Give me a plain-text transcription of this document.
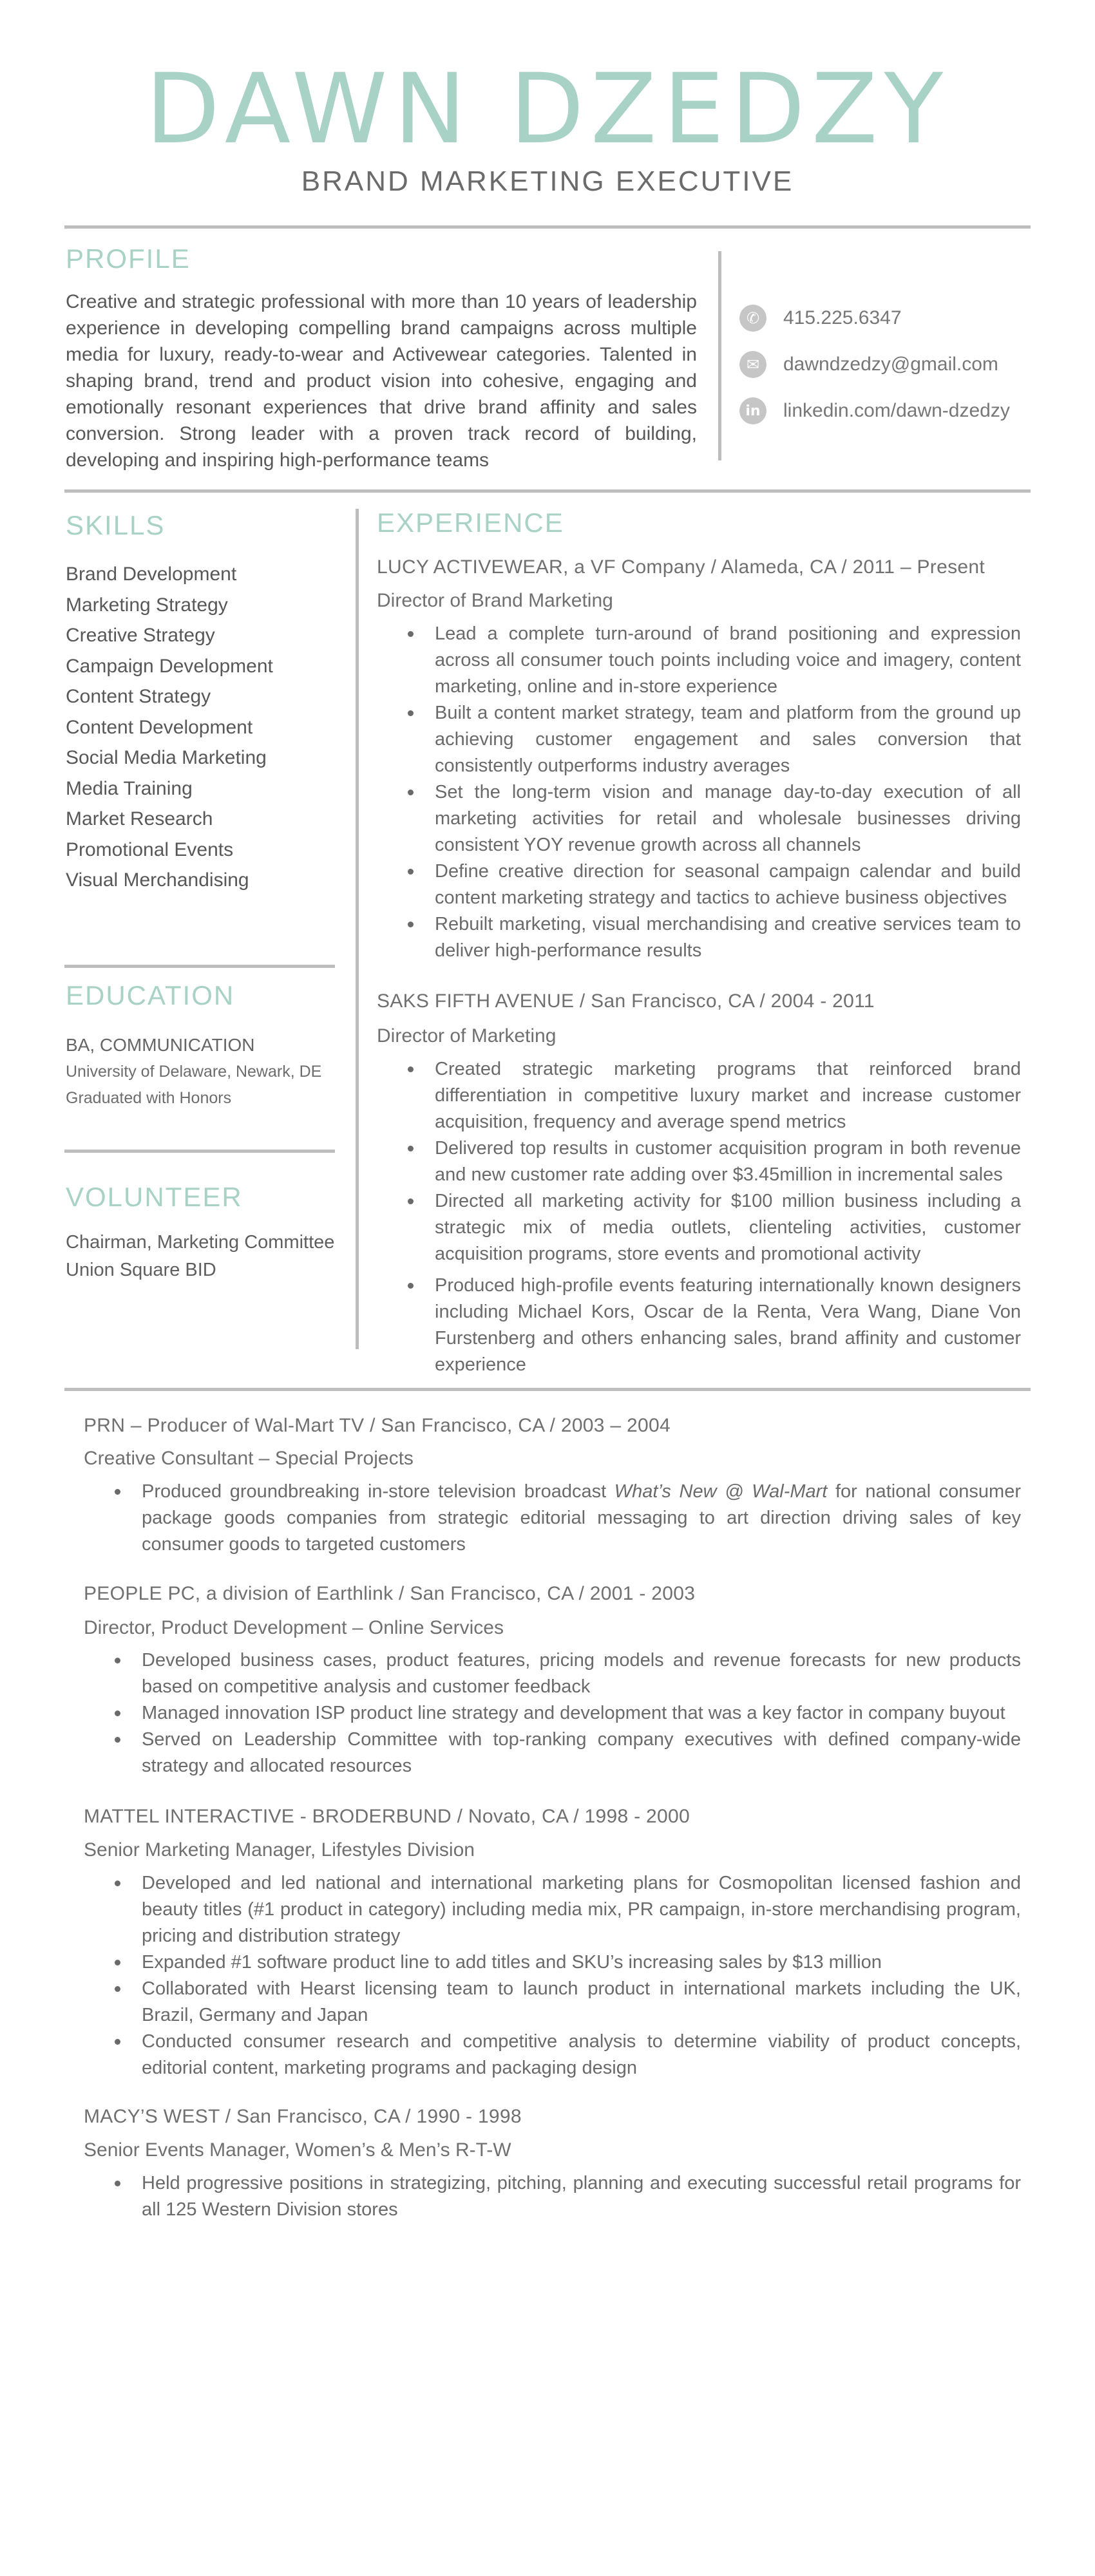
DAWN DZEDZY
BRAND MARKETING EXECUTIVE
PROFILE
Creative and strategic professional with more than 10 years of leadership experience in developing compelling brand campaigns across multiple media for luxury, ready-to-wear and Activewear categories. Talented in shaping brand, trend and product vision into cohesive, engaging and emotionally resonant experiences that drive brand affinity and sales conversion. Strong leader with a proven track record of building, developing and inspiring high-performance teams
✆	415.225.6347
✉	dawndzedzy@gmail.com
in	linkedin.com/dawn-dzedzy
SKILLS
Brand Development
Marketing Strategy
Creative Strategy
Campaign Development
Content Strategy
Content Development
Social Media Marketing
Media Training
Market Research
Promotional Events
Visual Merchandising
EDUCATION
BA, COMMUNICATION
University of Delaware, Newark, DE
Graduated with Honors
VOLUNTEER
Chairman, Marketing Committee
Union Square BID
EXPERIENCE
LUCY ACTIVEWEAR, a VF Company / Alameda, CA / 2011 – Present
Director of Brand Marketing
Lead a complete turn-around of brand positioning and expression across all consumer touch points including voice and imagery, content marketing, online and in-store experience
Built a content market strategy, team and platform from the ground up achieving customer engagement and sales conversion that consistently outperforms industry averages
Set the long-term vision and manage day-to-day execution of all marketing activities for retail and wholesale businesses driving consistent YOY revenue growth across all channels
Define creative direction for seasonal campaign calendar and build content marketing strategy and tactics to achieve business objectives
Rebuilt marketing, visual merchandising and creative services team to deliver high-performance results
SAKS FIFTH AVENUE / San Francisco, CA / 2004 - 2011
Director of Marketing
Created strategic marketing programs that reinforced brand differentiation in competitive luxury market and increase customer acquisition, frequency and average spend metrics
Delivered top results in customer acquisition program in both revenue and new customer rate adding over $3.45million in incremental sales
Directed all marketing activity for $100 million business including a strategic mix of media outlets, clienteling activities, customer acquisition programs, store events and promotional activity
Produced high-profile events featuring internationally known designers including Michael Kors, Oscar de la Renta, Vera Wang, Diane Von Furstenberg and others enhancing sales, brand affinity and customer experience
PRN – Producer of Wal-Mart TV / San Francisco, CA / 2003 – 2004
Creative Consultant – Special Projects
Produced groundbreaking in-store television broadcast What’s New @ Wal-Mart for national consumer package goods companies from strategic editorial messaging to art direction driving sales of key consumer goods to targeted customers
PEOPLE PC, a division of Earthlink / San Francisco, CA / 2001 - 2003
Director, Product Development – Online Services
Developed business cases, product features, pricing models and revenue forecasts for new products based on competitive analysis and customer feedback
Managed innovation ISP product line strategy and development that was a key factor in company buyout
Served on Leadership Committee with top-ranking company executives with defined company-wide strategy and allocated resources
MATTEL INTERACTIVE - BRODERBUND / Novato, CA / 1998 - 2000
Senior Marketing Manager, Lifestyles Division
Developed and led national and international marketing plans for Cosmopolitan licensed fashion and beauty titles (#1 product in category) including media mix, PR campaign, in-store merchandising program, pricing and distribution strategy
Expanded #1 software product line to add titles and SKU’s increasing sales by $13 million
Collaborated with Hearst licensing team to launch product in international markets including the UK, Brazil, Germany and Japan
Conducted consumer research and competitive analysis to determine viability of product concepts, editorial content, marketing programs and packaging design
MACY’S WEST / San Francisco, CA / 1990 - 1998
Senior Events Manager, Women’s & Men’s R-T-W
Held progressive positions in strategizing, pitching, planning and executing successful retail programs for all 125 Western Division stores
